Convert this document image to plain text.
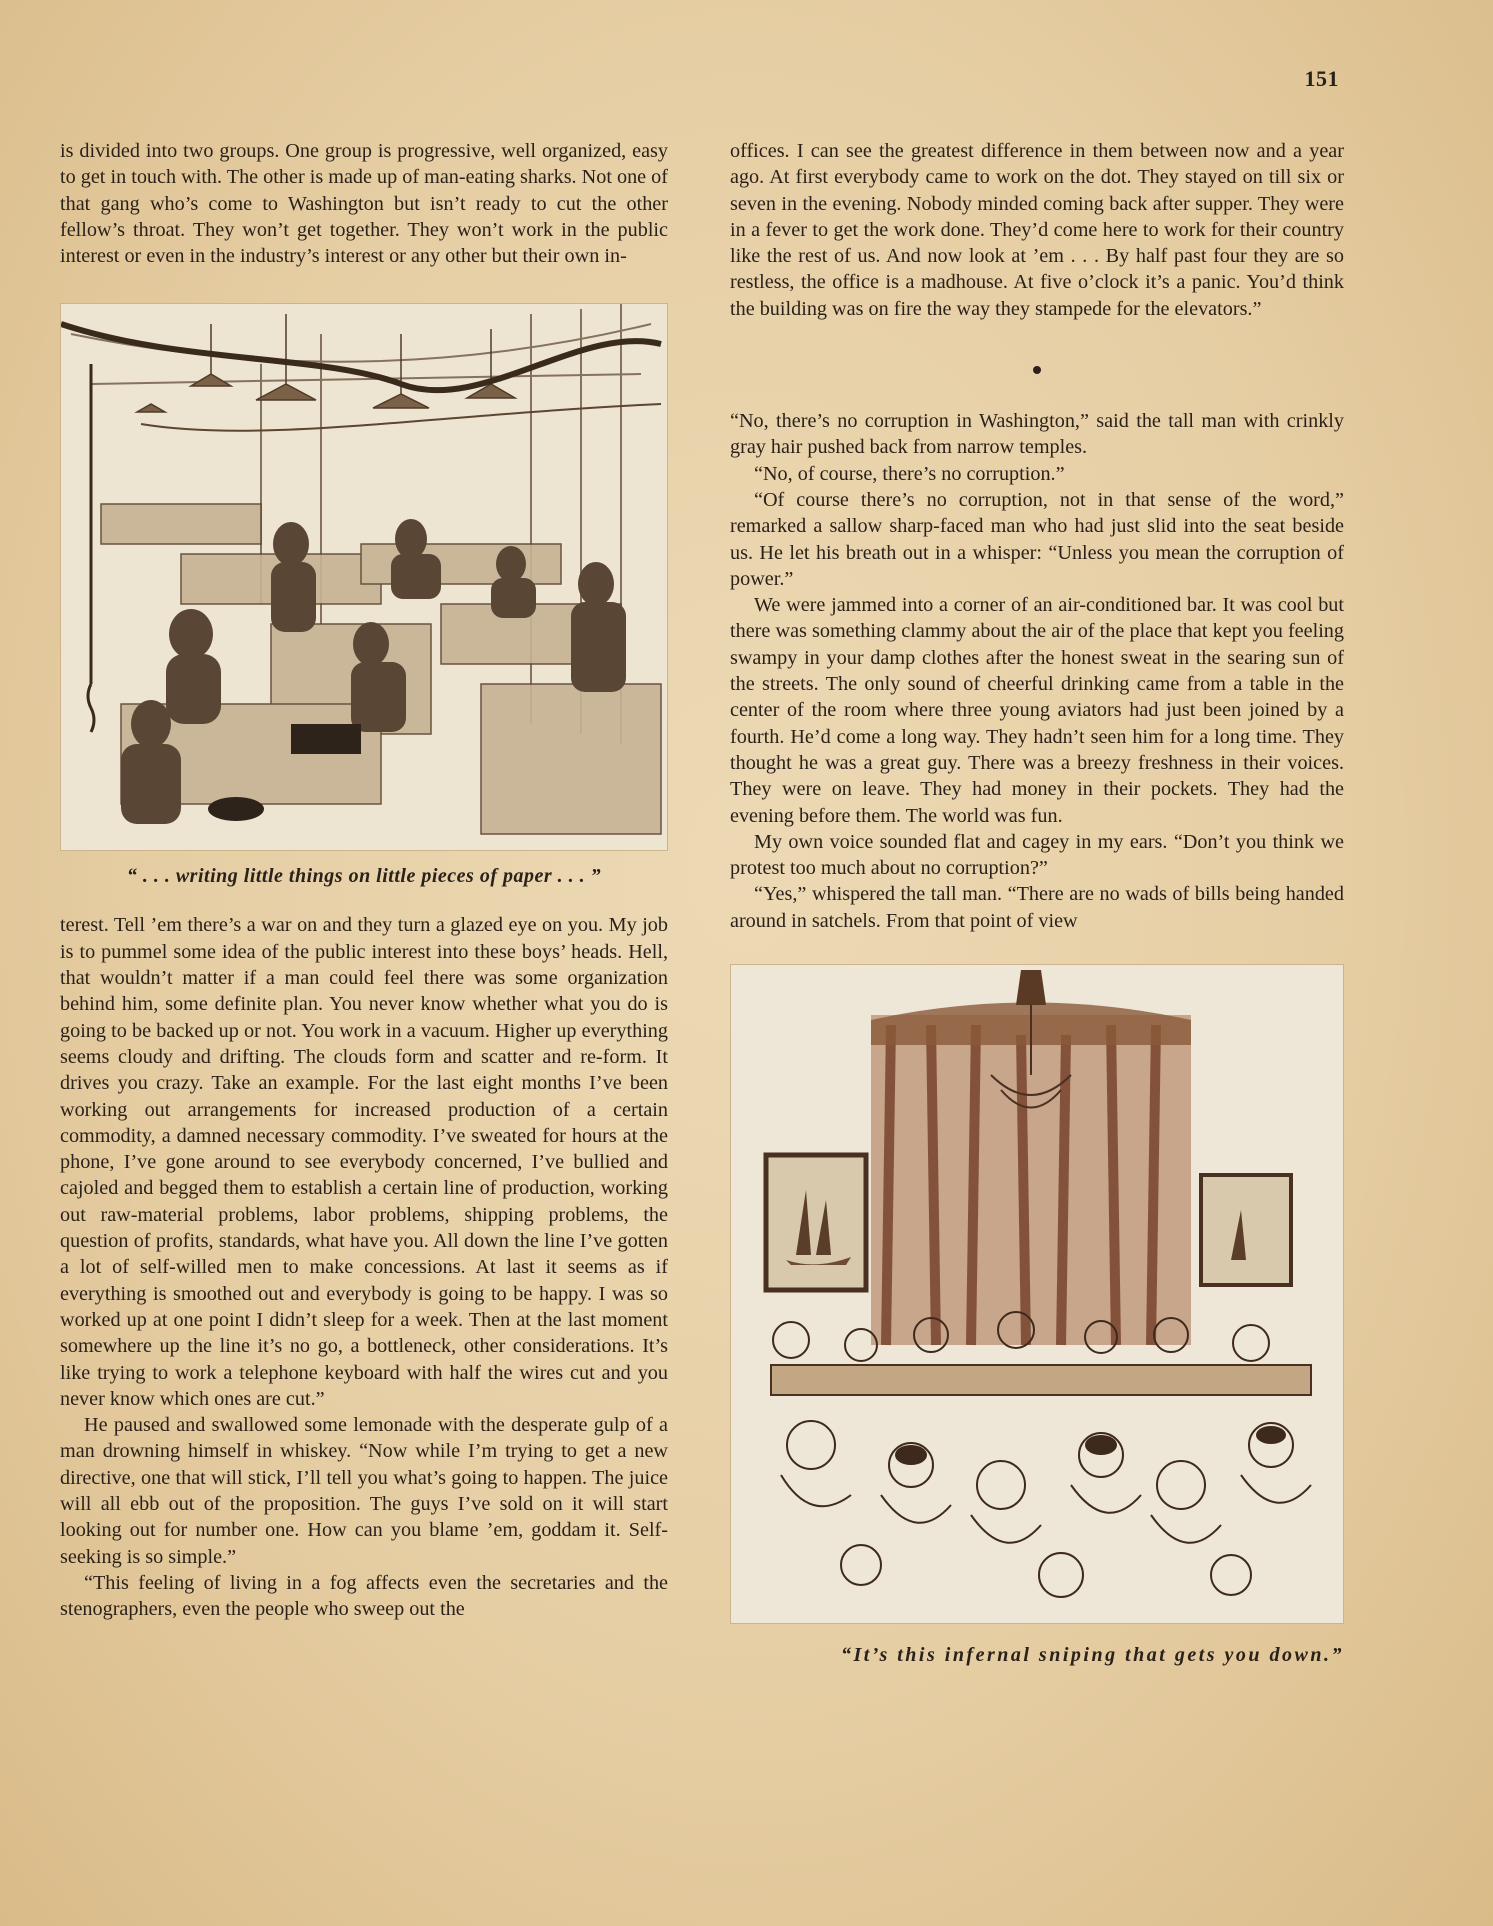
151

is divided into two groups. One group is progressive, well organized, easy to get in touch with. The other is made up of man-eating sharks. Not one of that gang who’s come to Washington but isn’t ready to cut the other fellow’s throat. They won’t get together. They won’t work in the public interest or even in the industry’s interest or any other but their own in-

“ . . . writing little things on little pieces of paper . . . ”

terest. Tell ’em there’s a war on and they turn a glazed eye on you. My job is to pummel some idea of the public interest into these boys’ heads. Hell, that wouldn’t matter if a man could feel there was some organization behind him, some definite plan. You never know whether what you do is going to be backed up or not. You work in a vacuum. Higher up everything seems cloudy and drifting. The clouds form and scatter and re-form. It drives you crazy. Take an example. For the last eight months I’ve been working out arrangements for increased production of a certain commodity, a damned necessary commodity. I’ve sweated for hours at the phone, I’ve gone around to see everybody concerned, I’ve bullied and cajoled and begged them to establish a certain line of production, working out raw-material problems, labor problems, shipping problems, the question of profits, standards, what have you. All down the line I’ve gotten a lot of self-willed men to make concessions. At last it seems as if everything is smoothed out and everybody is going to be happy. I was so worked up at one point I didn’t sleep for a week. Then at the last moment somewhere up the line it’s no go, a bottleneck, other considerations. It’s like trying to work a telephone keyboard with half the wires cut and you never know which ones are cut.”

He paused and swallowed some lemonade with the desperate gulp of a man drowning himself in whiskey. “Now while I’m trying to get a new directive, one that will stick, I’ll tell you what’s going to happen. The juice will all ebb out of the proposition. The guys I’ve sold on it will start looking out for number one. How can you blame ’em, goddam it. Self-seeking is so simple.”

“This feeling of living in a fog affects even the secretaries and the stenographers, even the people who sweep out the

offices. I can see the greatest difference in them between now and a year ago. At first everybody came to work on the dot. They stayed on till six or seven in the evening. Nobody minded coming back after supper. They were in a fever to get the work done. They’d come here to work for their country like the rest of us. And now look at ’em . . . By half past four they are so restless, the office is a madhouse. At five o’clock it’s a panic. You’d think the building was on fire the way they stampede for the elevators.”

“No, there’s no corruption in Washington,” said the tall man with crinkly gray hair pushed back from narrow temples.

“No, of course, there’s no corruption.”

“Of course there’s no corruption, not in that sense of the word,” remarked a sallow sharp-faced man who had just slid into the seat beside us. He let his breath out in a whisper: “Unless you mean the corruption of power.”

We were jammed into a corner of an air-conditioned bar. It was cool but there was something clammy about the air of the place that kept you feeling swampy in your damp clothes after the honest sweat in the searing sun of the streets. The only sound of cheerful drinking came from a table in the center of the room where three young aviators had just been joined by a fourth. He’d come a long way. They hadn’t seen him for a long time. They thought he was a great guy. There was a breezy freshness in their voices. They were on leave. They had money in their pockets. They had the evening before them. The world was fun.

My own voice sounded flat and cagey in my ears. “Don’t you think we protest too much about no corruption?”

“Yes,” whispered the tall man. “There are no wads of bills being handed around in satchels. From that point of view

“It’s this infernal sniping that gets you down.”
